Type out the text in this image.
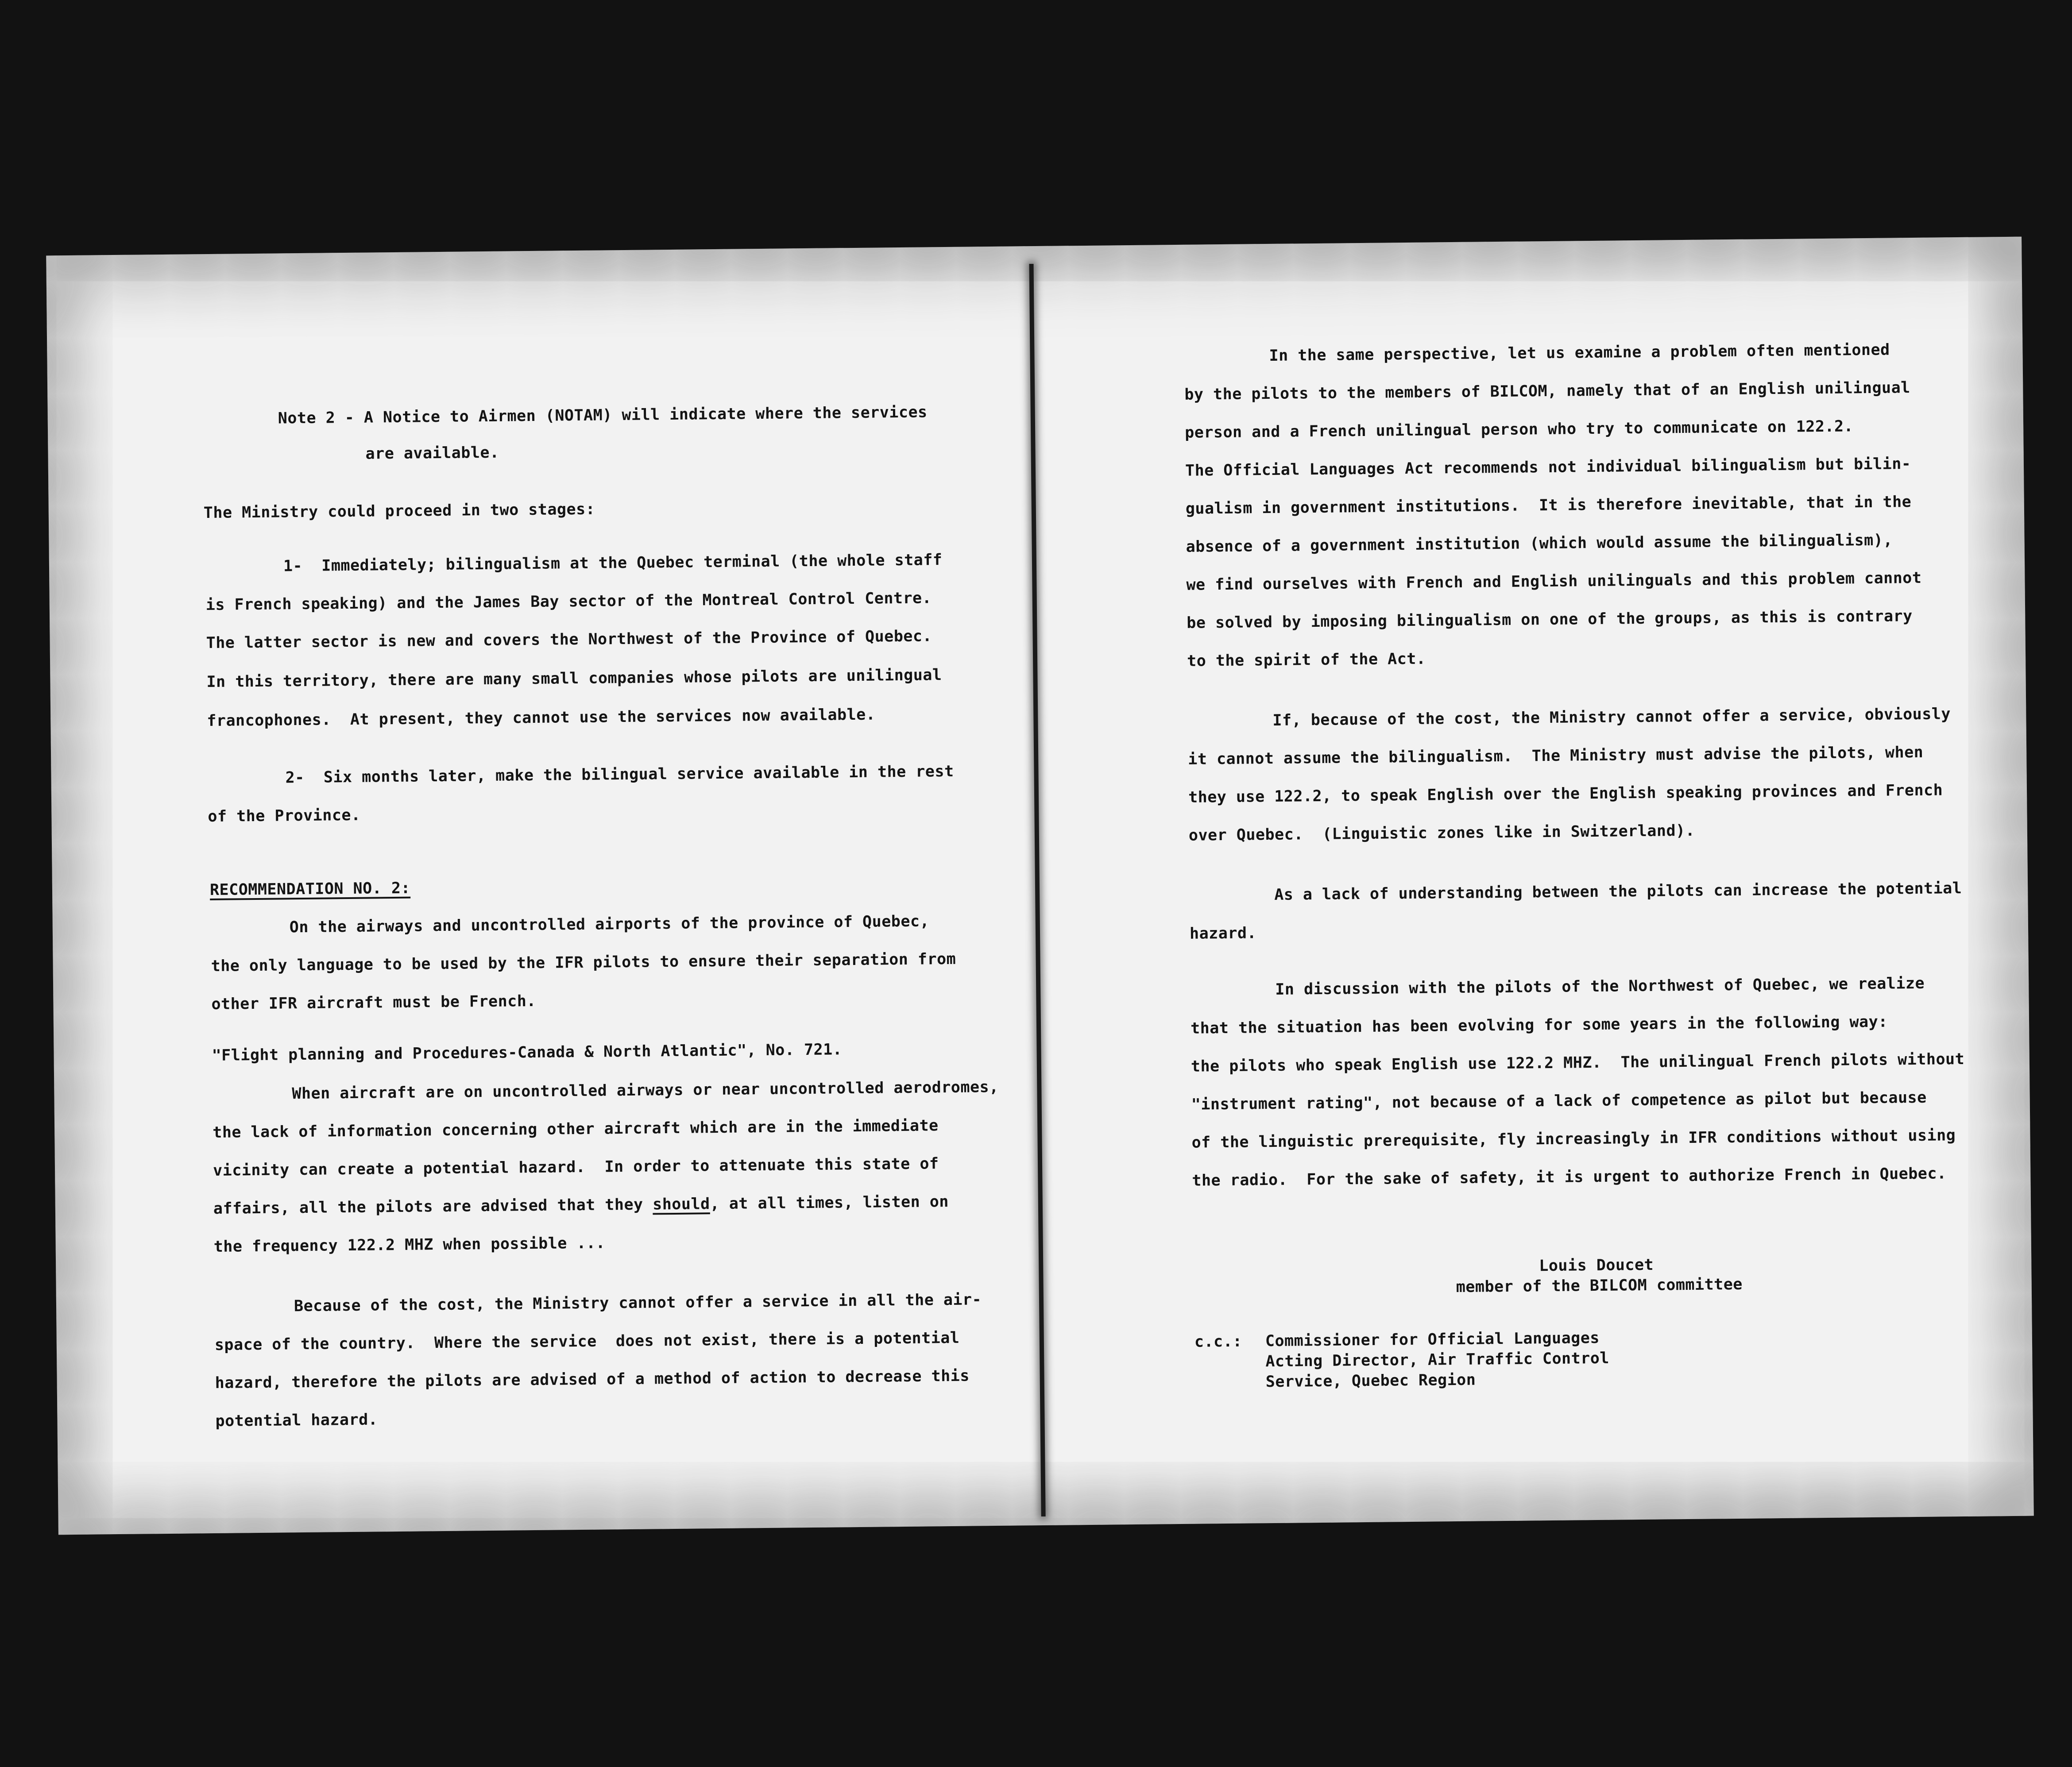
Note 2 - A Notice to Airmen (NOTAM) will indicate where the services
are available.
The Ministry could proceed in two stages:
1-  Immediately; bilingualism at the Quebec terminal (the whole staff
is French speaking) and the James Bay sector of the Montreal Control Centre.
The latter sector is new and covers the Northwest of the Province of Quebec.
In this territory, there are many small companies whose pilots are unilingual
francophones.  At present, they cannot use the services now available.
2-  Six months later, make the bilingual service available in the rest
of the Province.
RECOMMENDATION NO. 2:
On the airways and uncontrolled airports of the province of Quebec,
the only language to be used by the IFR pilots to ensure their separation from
other IFR aircraft must be French.
"Flight planning and Procedures-Canada & North Atlantic", No. 721.
When aircraft are on uncontrolled airways or near uncontrolled aerodromes,
the lack of information concerning other aircraft which are in the immediate
vicinity can create a potential hazard.  In order to attenuate this state of
affairs, all the pilots are advised that they should, at all times, listen on
the frequency 122.2 MHZ when possible ...
Because of the cost, the Ministry cannot offer a service in all the air-
space of the country.  Where the service  does not exist, there is a potential
hazard, therefore the pilots are advised of a method of action to decrease this
potential hazard.
In the same perspective, let us examine a problem often mentioned
by the pilots to the members of BILCOM, namely that of an English unilingual
person and a French unilingual person who try to communicate on 122.2.
The Official Languages Act recommends not individual bilingualism but bilin-
gualism in government institutions.  It is therefore inevitable, that in the
absence of a government institution (which would assume the bilingualism),
we find ourselves with French and English unilinguals and this problem cannot
be solved by imposing bilingualism on one of the groups, as this is contrary
to the spirit of the Act.
If, because of the cost, the Ministry cannot offer a service, obviously
it cannot assume the bilingualism.  The Ministry must advise the pilots, when
they use 122.2, to speak English over the English speaking provinces and French
over Quebec.  (Linguistic zones like in Switzerland).
As a lack of understanding between the pilots can increase the potential
hazard.
In discussion with the pilots of the Northwest of Quebec, we realize
that the situation has been evolving for some years in the following way:
the pilots who speak English use 122.2 MHZ.  The unilingual French pilots without
"instrument rating", not because of a lack of competence as pilot but because
of the linguistic prerequisite, fly increasingly in IFR conditions without using
the radio.  For the sake of safety, it is urgent to authorize French in Quebec.
Louis Doucet
member of the BILCOM committee
c.c.: Commissioner for Official Languages
Acting Director, Air Traffic Control
Service, Quebec Region
